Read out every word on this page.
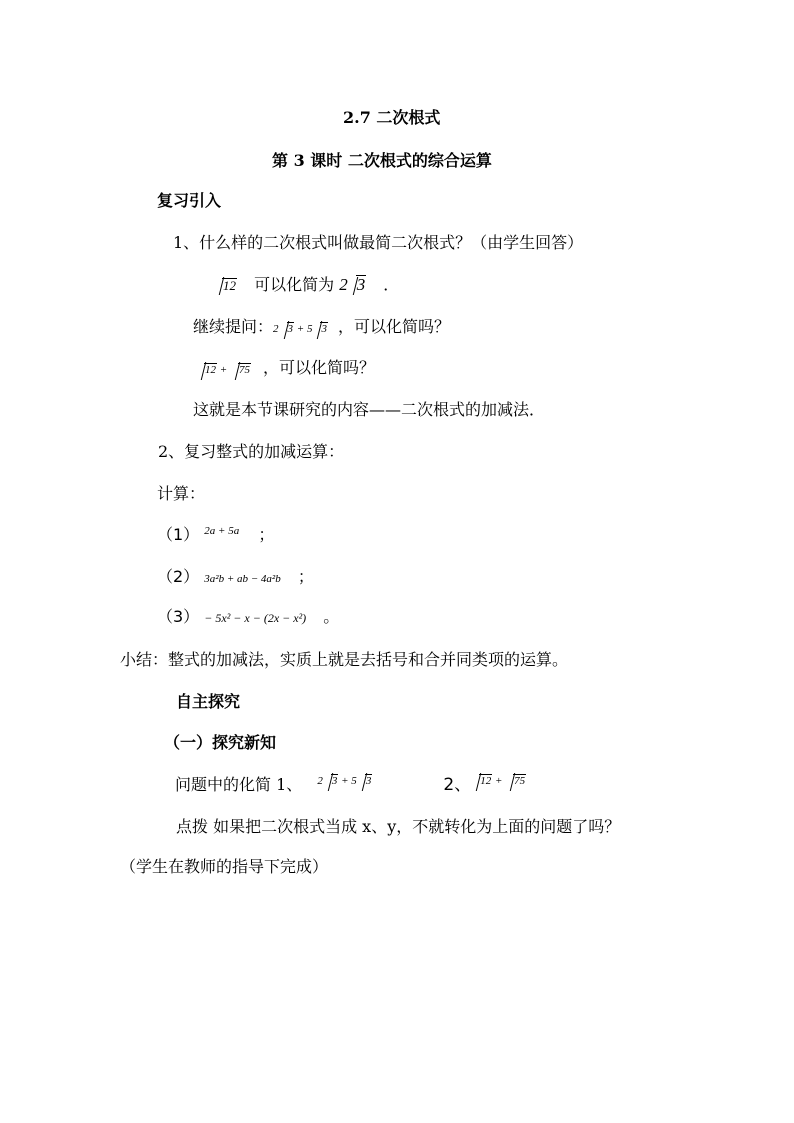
2.7 二次根式
第 3 课时 二次根式的综合运算
复习引入
1、什么样的二次根式叫做最简二次根式？（由学生回答）
12 可以化简为 2 3 ．
继续提问：2 3 + 5 3 ，可以化简吗？
12 + 75 ，可以化简吗？
这就是本节课研究的内容——二次根式的加减法．
2、复习整式的加减运算：
计算：
（1） $^{2a + 5a}$ ；
（2） 3a²b + ab − 4a²b ；
（3） − 5x² − x − (2x − x²) 。
小结：整式的加减法，实质上就是去括号和合并同类项的运算。
自主探究
（一）探究新知
问题中的化简 1、 $^{2 3 + 5 3}$	2、 $^{12 + 75}$
点拨 如果把二次根式当成 x、y，不就转化为上面的问题了吗？
（学生在教师的指导下完成）
